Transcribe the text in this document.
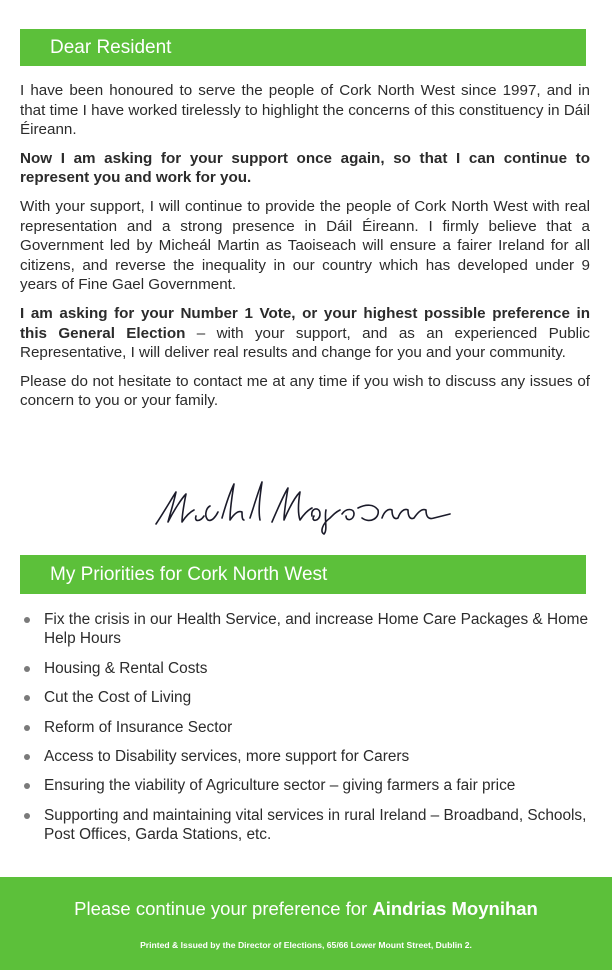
Dear Resident

I have been honoured to serve the people of Cork North West since 1997, and in that time I have worked tirelessly to highlight the concerns of this constituency in Dáil Éireann.

Now I am asking for your support once again, so that I can continue to represent you and work for you.

With your support, I will continue to provide the people of Cork North West with real representation and a strong presence in Dáil Éireann. I firmly believe that a Government led by Micheál Martin as Taoiseach will ensure a fairer Ireland for all citizens, and reverse the inequality in our country which has developed under 9 years of Fine Gael Government.

I am asking for your Number 1 Vote, or your highest possible preference in this General Election – with your support, and as an experienced Public Representative, I will deliver real results and change for you and your community.

Please do not hesitate to contact me at any time if you wish to discuss any issues of concern to you or your family.

My Priorities for Cork North West
Fix the crisis in our Health Service, and increase Home Care Packages & Home Help Hours
Housing & Rental Costs
Cut the Cost of Living
Reform of Insurance Sector
Access to Disability services, more support for Carers
Ensuring the viability of Agriculture sector – giving farmers a fair price
Supporting and maintaining vital services in rural Ireland – Broadband, Schools, Post Offices, Garda Stations, etc.
Please continue your preference for Aindrias Moynihan
Printed & Issued by the Director of Elections, 65/66 Lower Mount Street, Dublin 2.
